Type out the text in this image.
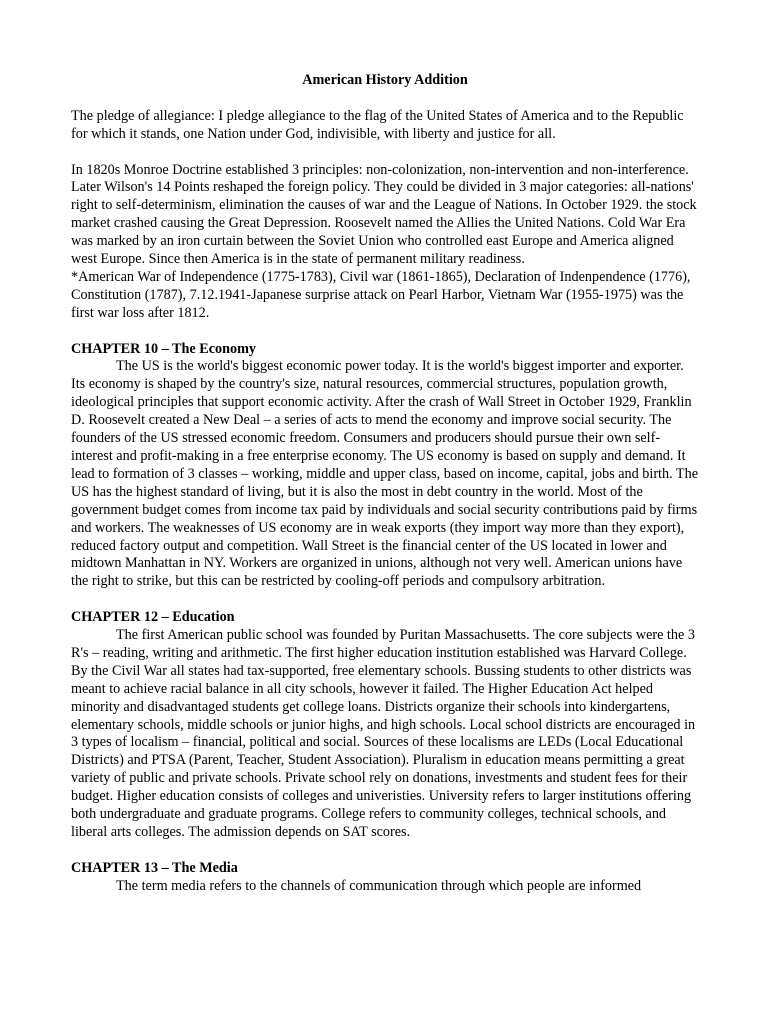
American History Addition

The pledge of allegiance: I pledge allegiance to the flag of the United States of America and to the Republic for which it stands, one Nation under God, indivisible, with liberty and justice for all.

In 1820s Monroe Doctrine established 3 principles: non-colonization, non-intervention and non-interference. Later Wilson's 14 Points reshaped the foreign policy. They could be divided in 3 major categories: all-nations' right to self-determinism, elimination the causes of war and the League of Nations. In October 1929. the stock market crashed causing the Great Depression. Roosevelt named the Allies the United Nations. Cold War Era was marked by an iron curtain between the Soviet Union who controlled east Europe and America aligned west Europe. Since then America is in the state of permanent military readiness.

*American War of Independence (1775-1783), Civil war (1861-1865), Declaration of Indenpendence (1776), Constitution (1787), 7.12.1941-Japanese surprise attack on Pearl Harbor, Vietnam War (1955-1975) was the first war loss after 1812.

CHAPTER 10 – The Economy

The US is the world's biggest economic power today. It is the world's biggest importer and exporter. Its economy is shaped by the country's size, natural resources, commercial structures, population growth, ideological principles that support economic activity. After the crash of Wall Street in October 1929, Franklin D. Roosevelt created a New Deal – a series of acts to mend the economy and improve social security. The founders of the US stressed economic freedom. Consumers and producers should pursue their own self-interest and profit-making in a free enterprise economy. The US economy is based on supply and demand. It lead to formation of 3 classes – working, middle and upper class, based on income, capital, jobs and birth. The US has the highest standard of living, but it is also the most in debt country in the world. Most of the government budget comes from income tax paid by individuals and social security contributions paid by firms and workers. The weaknesses of US economy are in weak exports (they import way more than they export), reduced factory output and competition. Wall Street is the financial center of the US located in lower and midtown Manhattan in NY. Workers are organized in unions, although not very well. American unions have the right to strike, but this can be restricted by cooling-off periods and compulsory arbitration.

CHAPTER 12 – Education

The first American public school was founded by Puritan Massachusetts. The core subjects were the 3 R's – reading, writing and arithmetic. The first higher education institution established was Harvard College. By the Civil War all states had tax-supported, free elementary schools. Bussing students to other districts was meant to achieve racial balance in all city schools, however it failed. The Higher Education Act helped minority and disadvantaged students get college loans. Districts organize their schools into kindergartens, elementary schools, middle schools or junior highs, and high schools. Local school districts are encouraged in 3 types of localism – financial, political and social. Sources of these localisms are LEDs (Local Educational Districts) and PTSA (Parent, Teacher, Student Association). Pluralism in education means permitting a great variety of public and private schools. Private school rely on donations, investments and student fees for their budget. Higher education consists of colleges and univeristies. University refers to larger institutions offering both undergraduate and graduate programs. College refers to community colleges, technical schools, and liberal arts colleges. The admission depends on SAT scores.

CHAPTER 13 – The Media

The term media refers to the channels of communication through which people are informed
